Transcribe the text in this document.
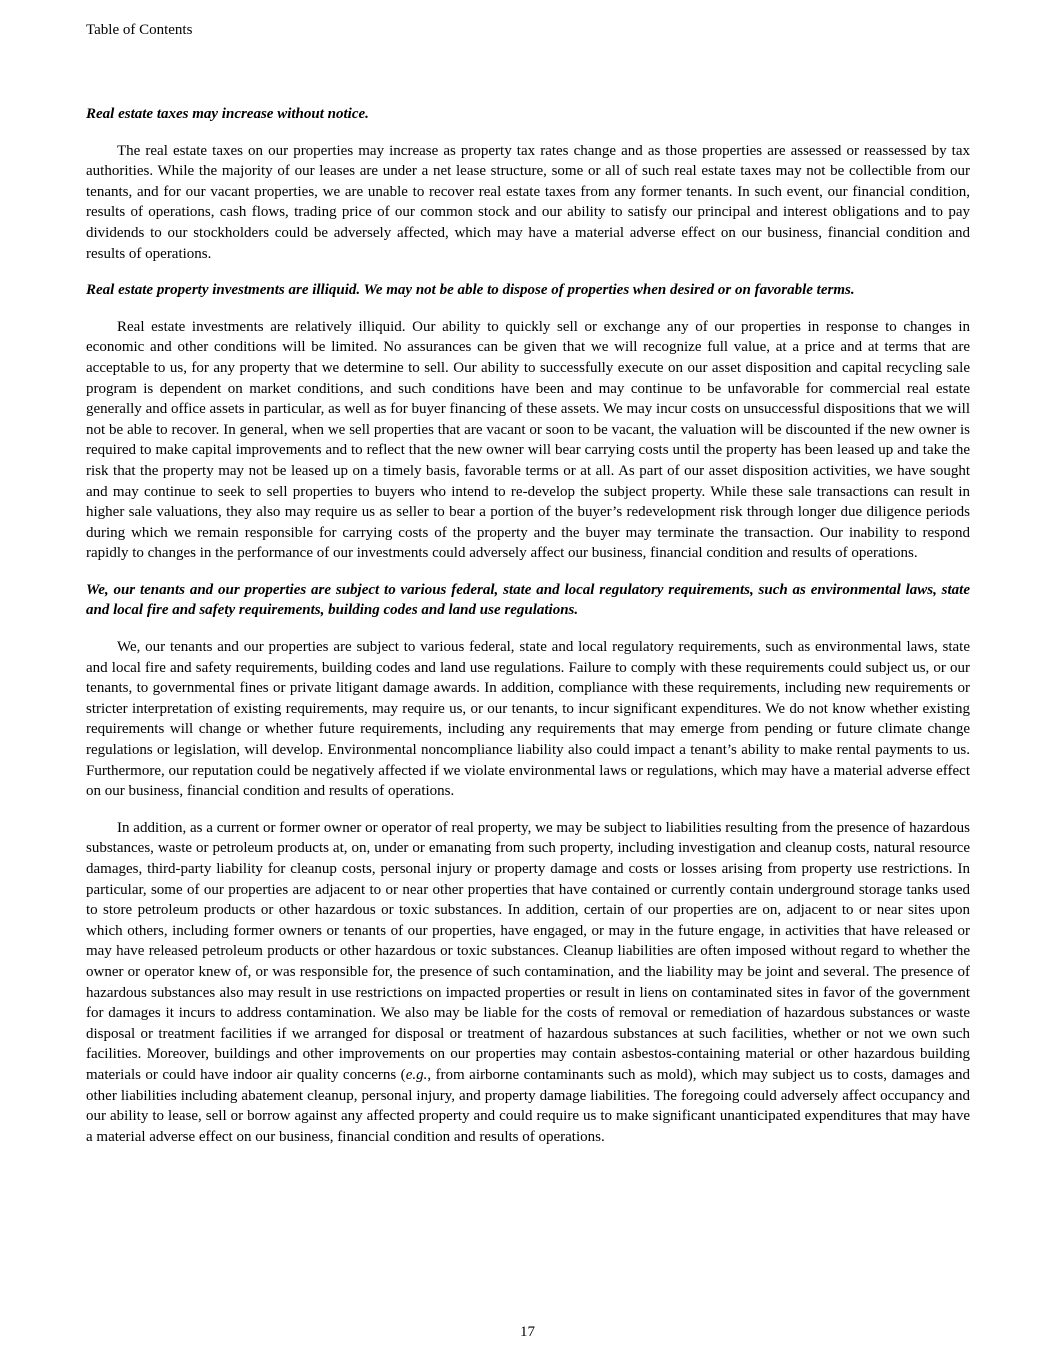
Table of Contents

Real estate taxes may increase without notice.

The real estate taxes on our properties may increase as property tax rates change and as those properties are assessed or reassessed by tax authorities. While the majority of our leases are under a net lease structure, some or all of such real estate taxes may not be collectible from our tenants, and for our vacant properties, we are unable to recover real estate taxes from any former tenants. In such event, our financial condition, results of operations, cash flows, trading price of our common stock and our ability to satisfy our principal and interest obligations and to pay dividends to our stockholders could be adversely affected, which may have a material adverse effect on our business, financial condition and results of operations.

Real estate property investments are illiquid. We may not be able to dispose of properties when desired or on favorable terms.

Real estate investments are relatively illiquid. Our ability to quickly sell or exchange any of our properties in response to changes in economic and other conditions will be limited. No assurances can be given that we will recognize full value, at a price and at terms that are acceptable to us, for any property that we determine to sell. Our ability to successfully execute on our asset disposition and capital recycling sale program is dependent on market conditions, and such conditions have been and may continue to be unfavorable for commercial real estate generally and office assets in particular, as well as for buyer financing of these assets. We may incur costs on unsuccessful dispositions that we will not be able to recover. In general, when we sell properties that are vacant or soon to be vacant, the valuation will be discounted if the new owner is required to make capital improvements and to reflect that the new owner will bear carrying costs until the property has been leased up and take the risk that the property may not be leased up on a timely basis, favorable terms or at all. As part of our asset disposition activities, we have sought and may continue to seek to sell properties to buyers who intend to re-develop the subject property. While these sale transactions can result in higher sale valuations, they also may require us as seller to bear a portion of the buyer’s redevelopment risk through longer due diligence periods during which we remain responsible for carrying costs of the property and the buyer may terminate the transaction. Our inability to respond rapidly to changes in the performance of our investments could adversely affect our business, financial condition and results of operations.

We, our tenants and our properties are subject to various federal, state and local regulatory requirements, such as environmental laws, state and local fire and safety requirements, building codes and land use regulations.

We, our tenants and our properties are subject to various federal, state and local regulatory requirements, such as environmental laws, state and local fire and safety requirements, building codes and land use regulations. Failure to comply with these requirements could subject us, or our tenants, to governmental fines or private litigant damage awards. In addition, compliance with these requirements, including new requirements or stricter interpretation of existing requirements, may require us, or our tenants, to incur significant expenditures. We do not know whether existing requirements will change or whether future requirements, including any requirements that may emerge from pending or future climate change regulations or legislation, will develop. Environmental noncompliance liability also could impact a tenant’s ability to make rental payments to us. Furthermore, our reputation could be negatively affected if we violate environmental laws or regulations, which may have a material adverse effect on our business, financial condition and results of operations.

In addition, as a current or former owner or operator of real property, we may be subject to liabilities resulting from the presence of hazardous substances, waste or petroleum products at, on, under or emanating from such property, including investigation and cleanup costs, natural resource damages, third-party liability for cleanup costs, personal injury or property damage and costs or losses arising from property use restrictions. In particular, some of our properties are adjacent to or near other properties that have contained or currently contain underground storage tanks used to store petroleum products or other hazardous or toxic substances. In addition, certain of our properties are on, adjacent to or near sites upon which others, including former owners or tenants of our properties, have engaged, or may in the future engage, in activities that have released or may have released petroleum products or other hazardous or toxic substances. Cleanup liabilities are often imposed without regard to whether the owner or operator knew of, or was responsible for, the presence of such contamination, and the liability may be joint and several. The presence of hazardous substances also may result in use restrictions on impacted properties or result in liens on contaminated sites in favor of the government for damages it incurs to address contamination. We also may be liable for the costs of removal or remediation of hazardous substances or waste disposal or treatment facilities if we arranged for disposal or treatment of hazardous substances at such facilities, whether or not we own such facilities. Moreover, buildings and other improvements on our properties may contain asbestos-containing material or other hazardous building materials or could have indoor air quality concerns (e.g., from airborne contaminants such as mold), which may subject us to costs, damages and other liabilities including abatement cleanup, personal injury, and property damage liabilities. The foregoing could adversely affect occupancy and our ability to lease, sell or borrow against any affected property and could require us to make significant unanticipated expenditures that may have a material adverse effect on our business, financial condition and results of operations.

17
